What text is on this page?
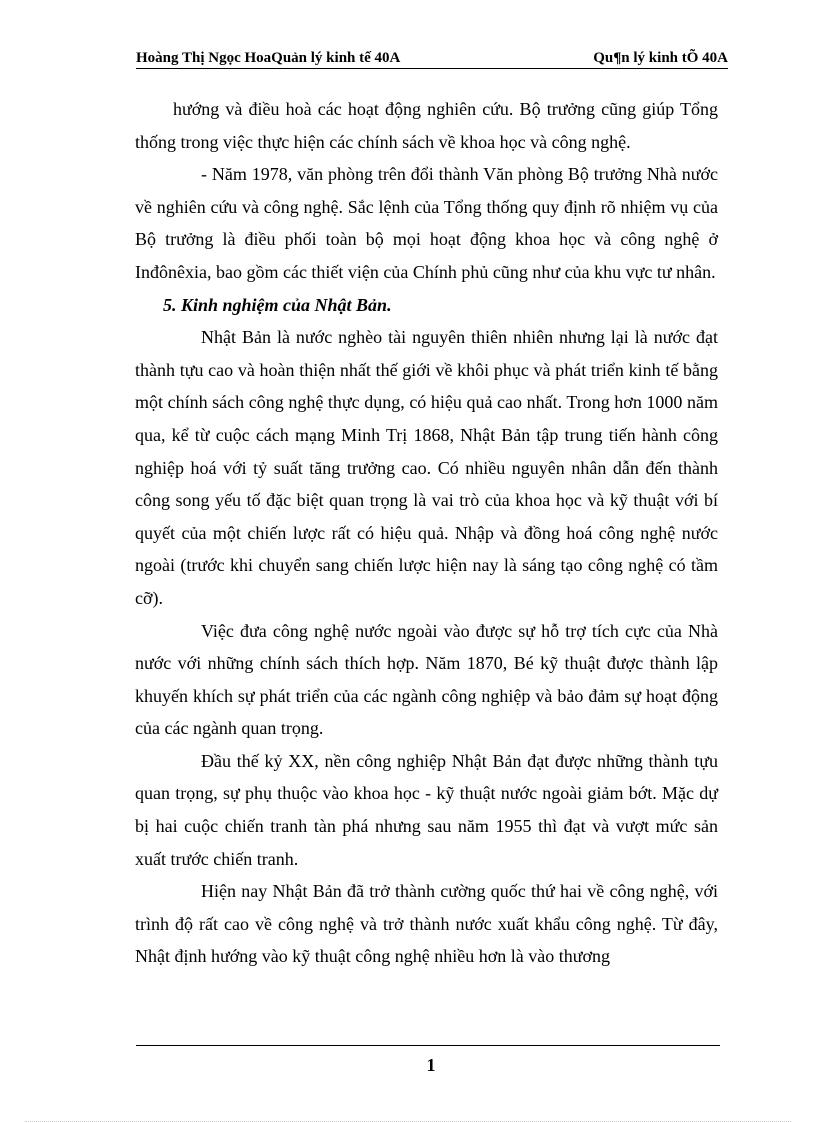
Hoàng Thị Ngọc HoaQuản lý kinh tế 40A	Qu¶n lý kinh tÕ 40A

hướng và điều hoà các hoạt động nghiên cứu. Bộ trưởng cũng giúp Tổng thống trong việc thực hiện các chính sách về khoa học và công nghệ.

- Năm 1978, văn phòng trên đổi thành Văn phòng Bộ trưởng Nhà nước về nghiên cứu và công nghệ. Sắc lệnh của Tổng thống quy định rõ nhiệm vụ của Bộ trưởng là điều phối toàn bộ mọi hoạt động khoa học và công nghệ ở Inđônêxia, bao gồm các thiết viện của Chính phủ cũng như của khu vực tư nhân.

5. Kinh nghiệm của Nhật Bản.

Nhật Bản là nước nghèo tài nguyên thiên nhiên nhưng lại là nước đạt thành tựu cao và hoàn thiện nhất thế giới về khôi phục và phát triển kinh tế bằng một chính sách công nghệ thực dụng, có hiệu quả cao nhất. Trong hơn 1000 năm qua, kể từ cuộc cách mạng Minh Trị 1868, Nhật Bản tập trung tiến hành công nghiệp hoá với tỷ suất tăng trưởng cao. Có nhiều nguyên nhân dẫn đến thành công song yếu tố đặc biệt quan trọng là vai trò của khoa học và kỹ thuật với bí quyết của một chiến lược rất có hiệu quả. Nhập và đồng hoá công nghệ nước ngoài (trước khi chuyển sang chiến lược hiện nay là sáng tạo công nghệ có tầm cỡ).

Việc đưa công nghệ nước ngoài vào được sự hỗ trợ tích cực của Nhà nước với những chính sách thích hợp. Năm 1870, Bé kỹ thuật được thành lập khuyến khích sự phát triển của các ngành công nghiệp và bảo đảm sự hoạt động của các ngành quan trọng.

Đầu thế kỷ XX, nền công nghiệp Nhật Bản đạt được những thành tựu quan trọng, sự phụ thuộc vào khoa học - kỹ thuật nước ngoài giảm bớt. Mặc dự bị hai cuộc chiến tranh tàn phá nhưng sau năm 1955 thì đạt và vượt mức sản xuất trước chiến tranh.

Hiện nay Nhật Bản đã trở thành cường quốc thứ hai về công nghệ, với trình độ rất cao về công nghệ và trở thành nước xuất khẩu công nghệ. Từ đây, Nhật định hướng vào kỹ thuật công nghệ nhiều hơn là vào thương

1
